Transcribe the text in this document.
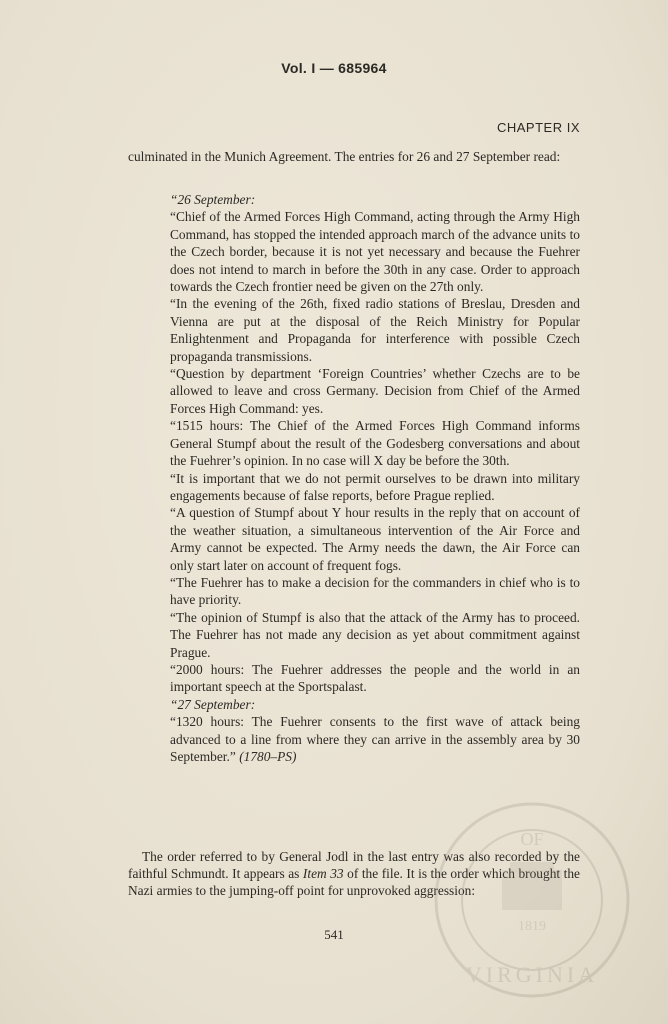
Vol. I — 685964
CHAPTER IX

culminated in the Munich Agreement. The entries for 26 and 27 September read:

“26 September:

“Chief of the Armed Forces High Command, acting through the Army High Command, has stopped the intended approach march of the advance units to the Czech border, because it is not yet necessary and because the Fuehrer does not intend to march in before the 30th in any case. Order to approach towards the Czech frontier need be given on the 27th only.

“In the evening of the 26th, fixed radio stations of Breslau, Dresden and Vienna are put at the disposal of the Reich Ministry for Popular Enlightenment and Propaganda for interference with possible Czech propaganda transmissions.

“Question by department ‘Foreign Countries’ whether Czechs are to be allowed to leave and cross Germany. Decision from Chief of the Armed Forces High Command: yes.

“1515 hours: The Chief of the Armed Forces High Command informs General Stumpf about the result of the Godesberg conversations and about the Fuehrer’s opinion. In no case will X day be before the 30th.

“It is important that we do not permit ourselves to be drawn into military engagements because of false reports, before Prague replied.

“A question of Stumpf about Y hour results in the reply that on account of the weather situation, a simultaneous intervention of the Air Force and Army cannot be expected. The Army needs the dawn, the Air Force can only start later on account of frequent fogs.

“The Fuehrer has to make a decision for the commanders in chief who is to have priority.

“The opinion of Stumpf is also that the attack of the Army has to proceed. The Fuehrer has not made any decision as yet about commitment against Prague.

“2000 hours: The Fuehrer addresses the people and the world in an important speech at the Sportspalast.

“27 September:

“1320 hours: The Fuehrer consents to the first wave of attack being advanced to a line from where they can arrive in the assembly area by 30 September.” (1780–PS)

The order referred to by General Jodl in the last entry was also recorded by the faithful Schmundt. It appears as Item 33 of the file. It is the order which brought the Nazi armies to the jumping-off point for unprovoked aggression:

541
OF
1819
VIRGINIA
